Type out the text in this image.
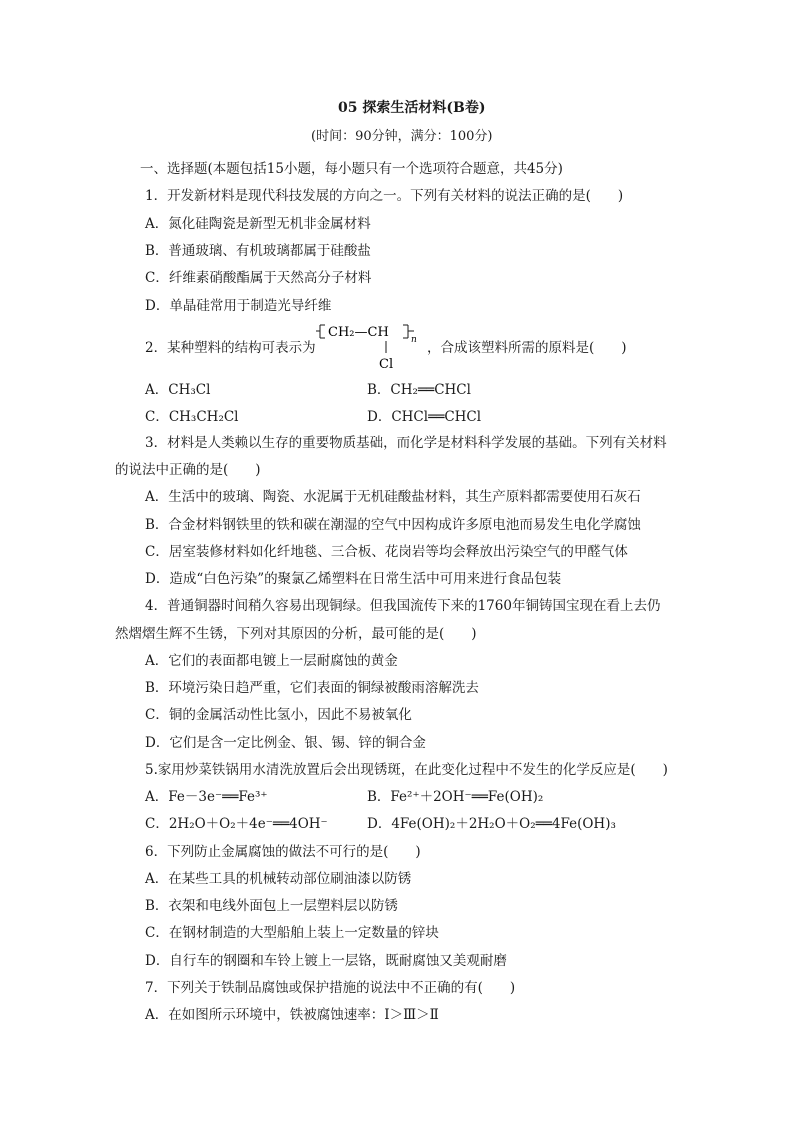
05 探索生活材料(B卷)
(时间：90分钟，满分：100分)
一、选择题(本题包括15小题，每小题只有一个选项符合题意，共45分)
1．开发新材料是现代科技发展的方向之一。下列有关材料的说法正确的是(　　)
A．氮化硅陶瓷是新型无机非金属材料
B．普通玻璃、有机玻璃都属于硅酸盐
C．纤维素硝酸酯属于天然高分子材料
D．单晶硅常用于制造光导纤维
2．某种塑料的结构可表示为
CH₂—CH n
Cl
，合成该塑料所需的原料是(　　)
A．CH₃Cl	B．CH₂══CHCl
C．CH₃CH₂Cl	D．CHCl══CHCl
3．材料是人类赖以生存的重要物质基础，而化学是材料科学发展的基础。下列有关材料
的说法中正确的是(　　)
A．生活中的玻璃、陶瓷、水泥属于无机硅酸盐材料，其生产原料都需要使用石灰石
B．合金材料钢铁里的铁和碳在潮湿的空气中因构成许多原电池而易发生电化学腐蚀
C．居室装修材料如化纤地毯、三合板、花岗岩等均会释放出污染空气的甲醛气体
D．造成“白色污染”的聚氯乙烯塑料在日常生活中可用来进行食品包装
4．普通铜器时间稍久容易出现铜绿。但我国流传下来的1760年铜铸国宝现在看上去仍
然熠熠生辉不生锈，下列对其原因的分析，最可能的是(　　)
A．它们的表面都电镀上一层耐腐蚀的黄金
B．环境污染日趋严重，它们表面的铜绿被酸雨溶解洗去
C．铜的金属活动性比氢小，因此不易被氧化
D．它们是含一定比例金、银、锡、锌的铜合金
5.家用炒菜铁锅用水清洗放置后会出现锈斑，在此变化过程中不发生的化学反应是(　　)
A．Fe－3e⁻══Fe³⁺	B．Fe²⁺＋2OH⁻══Fe(OH)₂
C．2H₂O＋O₂＋4e⁻══4OH⁻	D．4Fe(OH)₂＋2H₂O＋O₂══4Fe(OH)₃
6．下列防止金属腐蚀的做法不可行的是(　　)
A．在某些工具的机械转动部位刷油漆以防锈
B．衣架和电线外面包上一层塑料层以防锈
C．在钢材制造的大型船舶上装上一定数量的锌块
D．自行车的钢圈和车铃上镀上一层铬，既耐腐蚀又美观耐磨
7．下列关于铁制品腐蚀或保护措施的说法中不正确的有(　　)
A．在如图所示环境中，铁被腐蚀速率：Ⅰ＞Ⅲ＞Ⅱ
